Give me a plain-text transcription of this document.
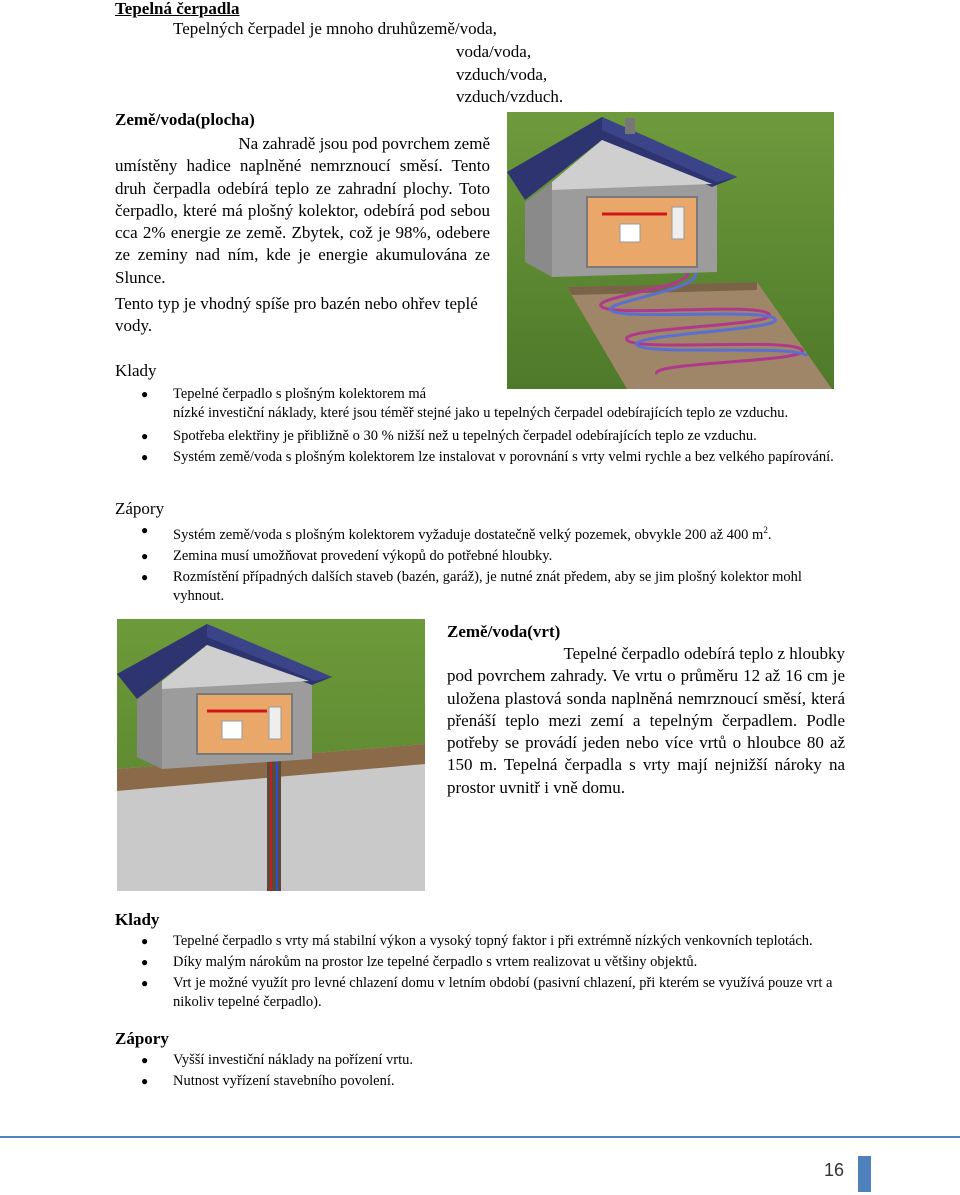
Tepelná čerpadla
Tepelných čerpadel je mnoho druhů:
země/voda,
voda/voda,
vzduch/voda,
vzduch/vzduch.
Země/voda(plocha)

Na zahradě jsou pod povrchem země

umístěny hadice naplněné nemrznoucí směsí. Tento druh čerpadla odebírá teplo ze zahradní plochy. Toto čerpadlo, které má plošný kolektor, odebírá pod sebou cca 2% energie ze země. Zbytek, což je 98%, odebere ze zeminy nad ním, kde je energie akumulována ze Slunce.

Tento typ je vhodný spíše pro bazén nebo ohřev teplé vody.

Klady
● Tepelné čerpadlo s plošným kolektorem má
nízké investiční náklady, které jsou téměř stejné jako u tepelných čerpadel odebírajících teplo ze vzduchu.
● Spotřeba elektřiny je přibližně o 30 % nižší než u tepelných čerpadel odebírajících teplo ze vzduchu.
● Systém země/voda s plošným kolektorem lze instalovat v porovnání s vrty velmi rychle a bez velkého papírování.
Zápory
● Systém země/voda s plošným kolektorem vyžaduje dostatečně velký pozemek, obvykle 200 až 400 $m^2$.
● Zemina musí umožňovat provedení výkopů do potřebné hloubky.
● Rozmístění případných dalších staveb (bazén, garáž), je nutné znát předem, aby se jim plošný kolektor mohl vyhnout.
Země/voda(vrt)

Tepelné čerpadlo odebírá teplo z hloubky

pod povrchem zahrady. Ve vrtu o průměru 12 až 16 cm je uložena plastová sonda naplněná nemrznoucí směsí, která přenáší teplo mezi zemí a tepelným čerpadlem. Podle potřeby se provádí jeden nebo více vrtů o hloubce 80 až 150 m. Tepelná čerpadla s vrty mají nejnižší nároky na prostor uvnitř i vně domu.

Klady
● Tepelné čerpadlo s vrty má stabilní výkon a vysoký topný faktor i při extrémně nízkých venkovních teplotách.
● Díky malým nárokům na prostor lze tepelné čerpadlo s vrtem realizovat u většiny objektů.
● Vrt je možné využít pro levné chlazení domu v letním období (pasivní chlazení, při kterém se využívá pouze vrt a nikoliv tepelné čerpadlo).
Zápory
● Vyšší investiční náklady na pořízení vrtu.
● Nutnost vyřízení stavebního povolení.
16
